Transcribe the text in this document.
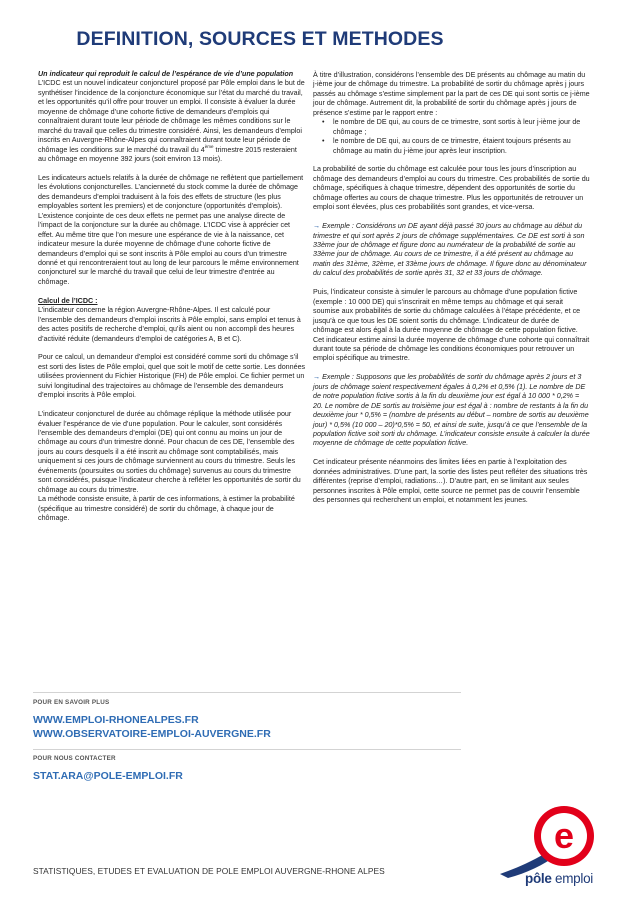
DEFINITION, SOURCES ET METHODES

Un indicateur qui reproduit le calcul de l’espérance de vie d’une population

L’ICDC est un nouvel indicateur conjoncturel proposé par Pôle emploi dans le but de synthétiser l’incidence de la conjoncture économique sur l’état du marché du travail, et les opportunités qu’il offre pour trouver un emploi. Il consiste à évaluer la durée moyenne de chômage d’une cohorte fictive de demandeurs d’emplois qui connaîtraient durant toute leur période de chômage les mêmes conditions sur le marché du travail que celles du trimestre considéré. Ainsi, les demandeurs d’emploi inscrits en Auvergne-Rhône-Alpes qui connaîtraient durant toute leur période de chômage les conditions sur le marché du travail du 4ème trimestre 2015 resteraient au chômage en moyenne 392 jours (soit environ 13 mois).

Les indicateurs actuels relatifs à la durée de chômage ne reflètent que partiellement les évolutions conjoncturelles. L’ancienneté du stock comme la durée de chômage des demandeurs d’emploi traduisent à la fois des effets de structure (les plus employables sortent les premiers) et de conjoncture (opportunités d’emplois). L’existence conjointe de ces deux effets ne permet pas une analyse directe de l’impact de la conjoncture sur la durée au chômage. L’ICDC vise à apprécier cet effet. Au même titre que l’on mesure une espérance de vie à la naissance, cet indicateur mesure la durée moyenne de chômage d’une cohorte fictive de demandeurs d’emploi qui se sont inscrits à Pôle emploi au cours d’un trimestre donné et qui rencontreraient tout au long de leur parcours le même environnement conjoncturel sur le marché du travail que celui de leur trimestre d’entrée au chômage.

Calcul de l’ICDC :

L’indicateur concerne la région Auvergne-Rhône-Alpes. Il est calculé pour l’ensemble des demandeurs d’emploi inscrits à Pôle emploi, sans emploi et tenus à des actes positifs de recherche d’emploi, qu’ils aient ou non accompli des heures d’activité réduite (demandeurs d’emploi de catégories A, B et C).

Pour ce calcul, un demandeur d’emploi est considéré comme sorti du chômage s’il est sorti des listes de Pôle emploi, quel que soit le motif de cette sortie. Les données utilisées proviennent du Fichier Historique (FH) de Pôle emploi. Ce fichier permet un suivi longitudinal des trajectoires au chômage de l’ensemble des demandeurs d’emploi inscrits à Pôle emploi.

L’indicateur conjoncturel de durée au chômage réplique la méthode utilisée pour évaluer l’espérance de vie d’une population. Pour le calculer, sont considérés l’ensemble des demandeurs d’emploi (DE) qui ont connu au moins un jour de chômage au cours d’un trimestre donné. Pour chacun de ces DE, l’ensemble des jours au cours desquels il a été inscrit au chômage sont comptabilisés, mais uniquement si ces jours de chômage surviennent au cours du trimestre. Seuls les événements (poursuites ou sorties du chômage) survenus au cours du trimestre sont considérés, puisque l’indicateur cherche à refléter les opportunités de sortir du chômage au cours du trimestre.

La méthode consiste ensuite, à partir de ces informations, à estimer la probabilité (spécifique au trimestre considéré) de sortir du chômage, à chaque jour de chômage.

À titre d’illustration, considérons l’ensemble des DE présents au chômage au matin du j-ième jour de chômage du trimestre. La probabilité de sortir du chômage après j jours passés au chômage s’estime simplement par la part de ces DE qui sont sortis ce j-ième jour de chômage. Autrement dit, la probabilité de sortir du chômage après j jours de présence s’estime par le rapport entre :

• le nombre de DE qui, au cours de ce trimestre, sont sortis à leur j-ième jour de chômage ;
• le nombre de DE qui, au cours de ce trimestre, étaient toujours présents au chômage au matin du j-ième jour après leur inscription.

La probabilité de sortie du chômage est calculée pour tous les jours d’inscription au chômage des demandeurs d’emploi au cours du trimestre. Ces probabilités de sortie du chômage, spécifiques à chaque trimestre, dépendent des opportunités de sortie du chômage offertes au cours de chaque trimestre. Plus les opportunités de retrouver un emploi sont élevées, plus ces probabilités sont grandes, et vice-versa.

→ Exemple : Considérons un DE ayant déjà passé 30 jours au chômage au début du trimestre et qui sort après 2 jours de chômage supplémentaires. Ce DE est sorti à son 33ème jour de chômage et figure donc au numérateur de la probabilité de sortie au 33ème jour de chômage. Au cours de ce trimestre, il a été présent au chômage au matin des 31ème, 32ème, et 33ème jours de chômage. Il figure donc au dénominateur du calcul des probabilités de sortie après 31, 32 et 33 jours de chômage.

Puis, l’indicateur consiste à simuler le parcours au chômage d’une population fictive (exemple : 10 000 DE) qui s’inscrirait en même temps au chômage et qui serait soumise aux probabilités de sortie du chômage calculées à l’étape précédente, et ce jusqu’à ce que tous les DE soient sortis du chômage. L’indicateur de durée de chômage est alors égal à la durée moyenne de chômage de cette population fictive. Cet indicateur estime ainsi la durée moyenne de chômage d’une cohorte qui connaîtrait durant toute sa période de chômage les conditions économiques pour retrouver un emploi spécifique au trimestre.

→ Exemple : Supposons que les probabilités de sortir du chômage après 2 jours et 3 jours de chômage soient respectivement égales à 0,2% et 0,5% (1). Le nombre de DE de notre population fictive sortis à la fin du deuxième jour est égal à 10 000 * 0,2% = 20. Le nombre de DE sortis au troisième jour est égal à : nombre de restants à la fin du deuxième jour * 0,5% = (nombre de présents au début – nombre de sortis au deuxième jour) * 0,5% (10 000 – 20)*0,5% = 50, et ainsi de suite, jusqu’à ce que l’ensemble de la population fictive soit sorti du chômage. L’indicateur consiste ensuite à calculer la durée moyenne de chômage de cette population fictive.

Cet indicateur présente néanmoins des limites liées en partie à l’exploitation des données administratives. D’une part, la sortie des listes peut refléter des situations très différentes (reprise d’emploi, radiations…). D’autre part, en se limitant aux seules personnes inscrites à Pôle emploi, cette source ne permet pas de couvrir l’ensemble des personnes qui recherchent un emploi, et notamment les jeunes.

POUR EN SAVOIR PLUS
WWW.EMPLOI-RHONEALPES.FR
WWW.OBSERVATOIRE-EMPLOI-AUVERGNE.FR
POUR NOUS CONTACTER
STAT.ARA@POLE-EMPLOI.FR
STATISTIQUES, ETUDES ET EVALUATION DE POLE EMPLOI AUVERGNE-RHONE ALPES
e
pôle emploi
